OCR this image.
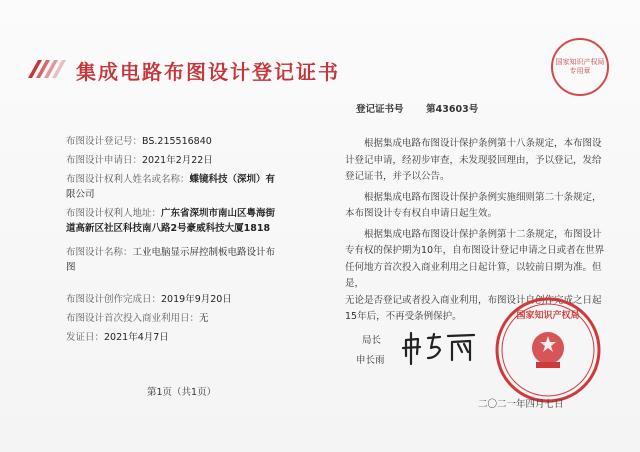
集成电路布图设计登记证书	国家知识产权局专用章
布图设计登记号：BS.215516840
布图设计申请日：2021年2月22日
布图设计权利人姓名或名称：蝶镜科技（深圳）有
限公司
布图设计权利人地址：广东省深圳市南山区粤海街
道高新区社区科技南八路2号豪威科技大厦1818
布图设计名称：工业电脑显示屏控制板电路设计布
图
布图设计创作完成日：2019年9月20日
布图设计首次投入商业利用日：无
发证日：2021年4月7日
第1页（共1页）
登记证书号 第43603号
根据集成电路布图设计保护条例第十八条规定，本布图设
计登记申请，经初步审查，未发现驳回理由，予以登记，发给
登记证书，并予以公告。
根据集成电路布图设计保护条例实施细则第二十条规定，
本布图设计专有权自申请日起生效。
根据集成电路布图设计保护条例第十二条规定，布图设计
专有权的保护期为10年，自布图设计登记申请之日或者在世界
任何地方首次投入商业利用之日起计算，以较前日期为准。但是，
无论是否登记或者投入商业利用，布图设计自创作完成之日起
15年后，不再受条例保护。
局长
申长雨
国家知识产权局
二〇二一年四月七日
